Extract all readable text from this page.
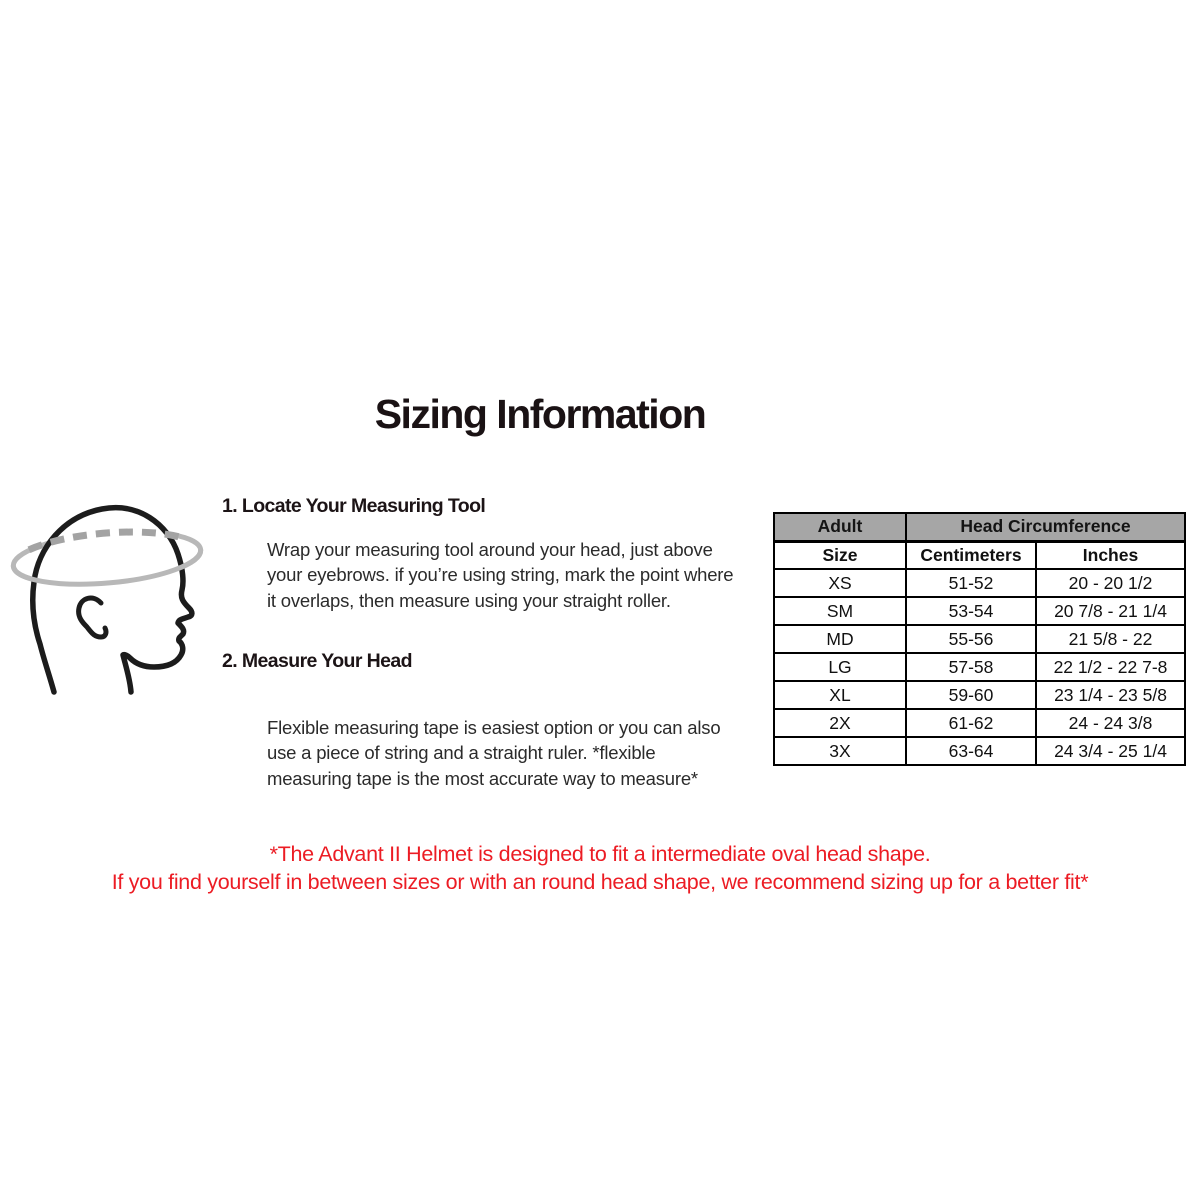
Sizing Information
1. Locate Your Measuring Tool
Wrap your measuring tool around your head, just above your eyebrows. if you’re using string, mark the point where it overlaps, then measure using your straight roller.
2. Measure Your Head
Flexible measuring tape is easiest option or you can also use a piece of string and a straight ruler. *flexible measuring tape is the most accurate way to measure*
Adult	Head Circumference	
Size	Centimeters	Inches
XS	51-52	20 - 20 1/2
SM	53-54	20 7/8 - 21 1/4
MD	55-56	21 5/8 - 22
LG	57-58	22 1/2 - 22 7-8
XL	59-60	23 1/4 - 23 5/8
2X	61-62	24 - 24 3/8
3X	63-64	24 3/4 - 25 1/4
*The Advant II Helmet is designed to fit a intermediate oval head shape.
If you find yourself in between sizes or with an round head shape, we recommend sizing up for a better fit*
